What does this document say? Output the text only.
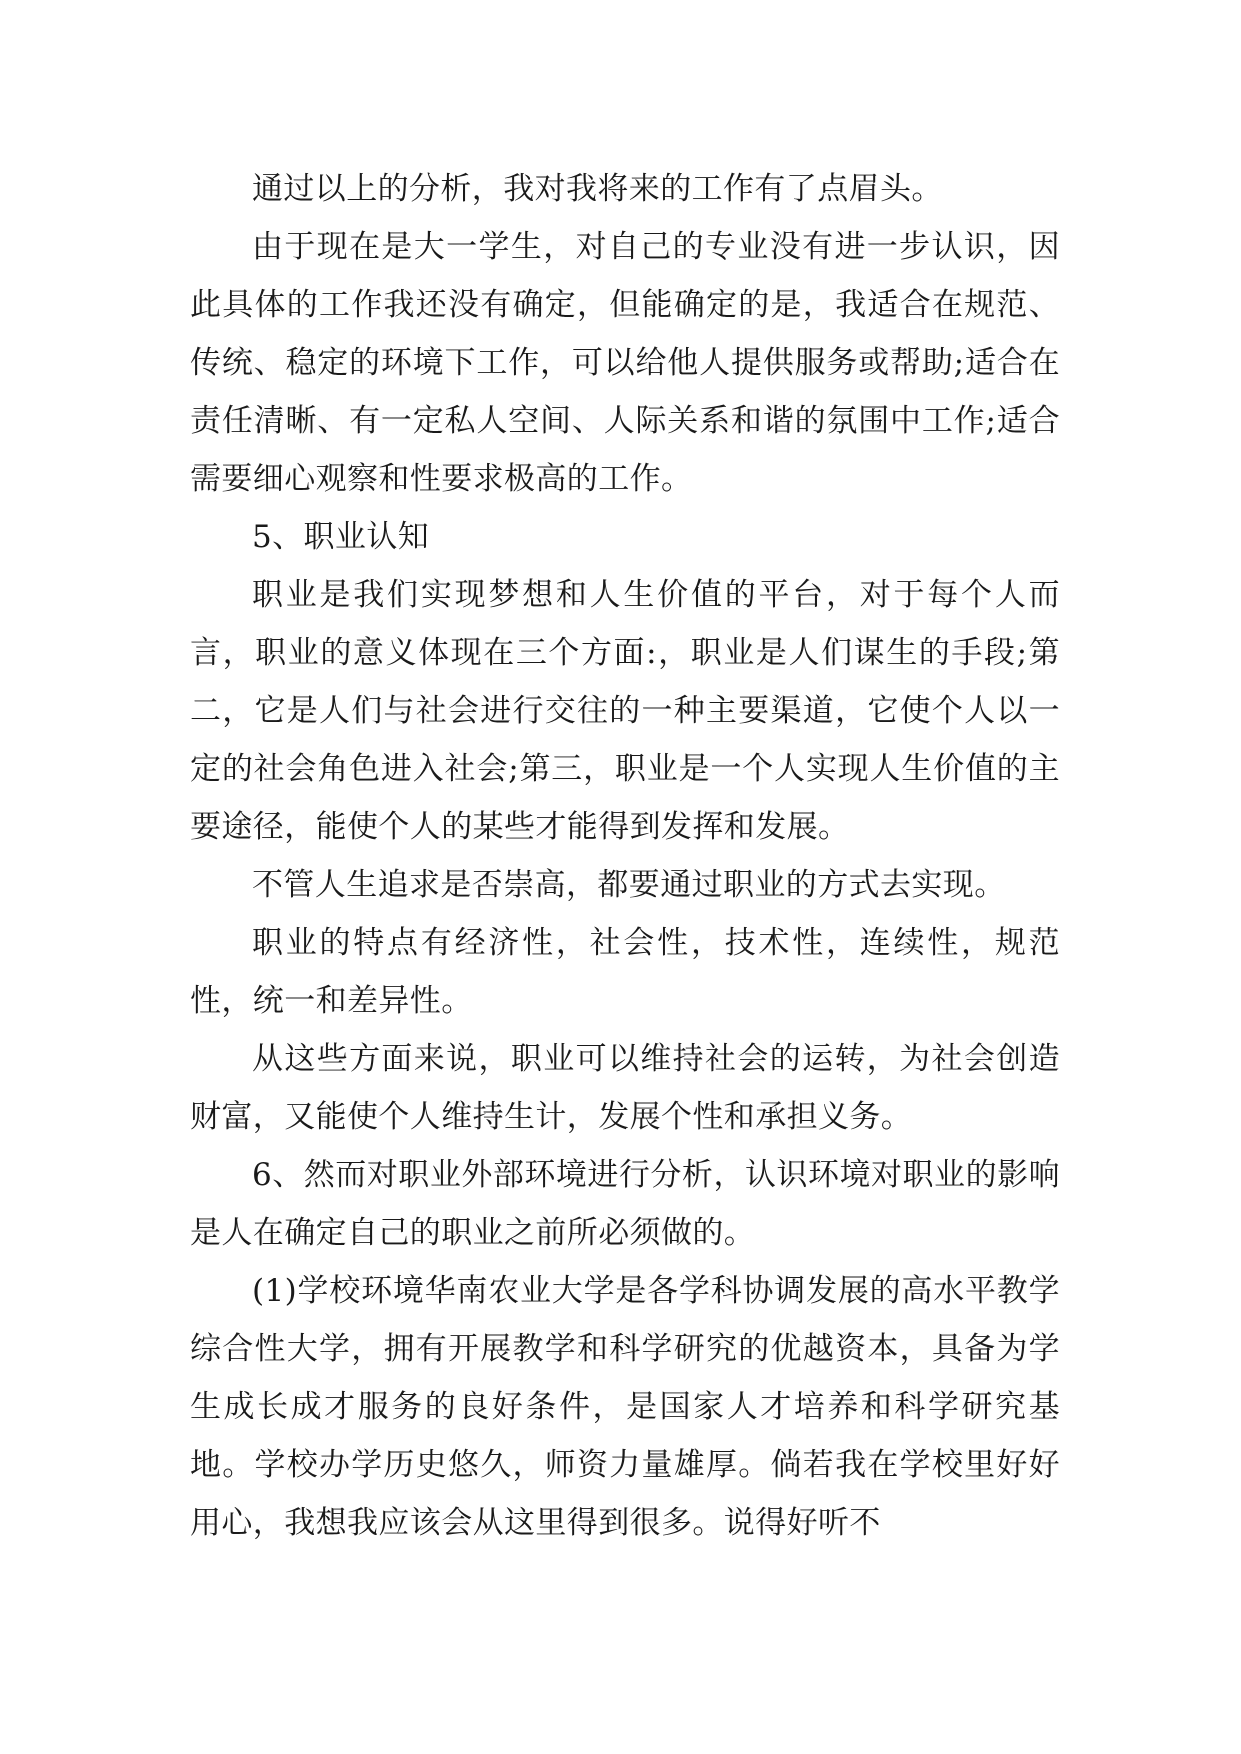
通过以上的分析，我对我将来的工作有了点眉头。

由于现在是大一学生，对自己的专业没有进一步认识，因此具体的工作我还没有确定，但能确定的是，我适合在规范、传统、稳定的环境下工作，可以给他人提供服务或帮助;适合在责任清晰、有一定私人空间、人际关系和谐的氛围中工作;适合需要细心观察和性要求极高的工作。

5、职业认知

职业是我们实现梦想和人生价值的平台，对于每个人而言，职业的意义体现在三个方面:，职业是人们谋生的手段;第二，它是人们与社会进行交往的一种主要渠道，它使个人以一定的社会角色进入社会;第三，职业是一个人实现人生价值的主要途径，能使个人的某些才能得到发挥和发展。

不管人生追求是否崇高，都要通过职业的方式去实现。

职业的特点有经济性，社会性，技术性，连续性，规范性，统一和差异性。

从这些方面来说，职业可以维持社会的运转，为社会创造财富，又能使个人维持生计，发展个性和承担义务。

6、然而对职业外部环境进行分析，认识环境对职业的影响是人在确定自己的职业之前所必须做的。

(1)学校环境华南农业大学是各学科协调发展的高水平教学综合性大学，拥有开展教学和科学研究的优越资本，具备为学生成长成才服务的良好条件，是国家人才培养和科学研究基地。学校办学历史悠久，师资力量雄厚。倘若我在学校里好好用心，我想我应该会从这里得到很多。说得好听不
